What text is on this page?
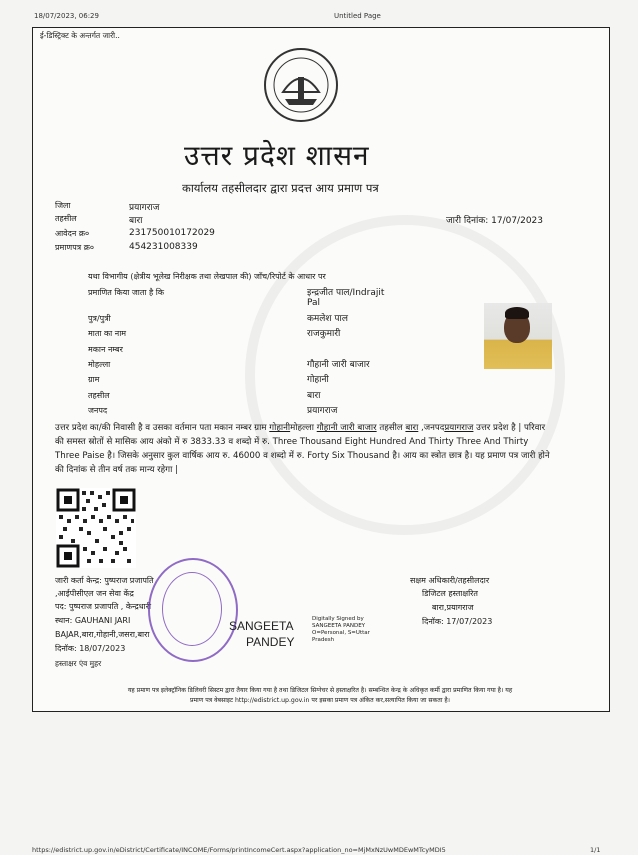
18/07/2023, 06:29	Untitled Page
ई-डिस्ट्रिक्ट के अन्तर्गत जारी..
उत्तर प्रदेश शासन
कार्यालय तहसीलदार द्वारा प्रदत्त आय प्रमाण पत्र
जिला	प्रयागराज
तहसील	बारा
आवेदन क्र०	231750010172029
प्रमाणपत्र क्र०	454231008339
जारी दिनांक: 17/07/2023
यथा विभागीय (क्षेत्रीय भूलेख निरीक्षक तथा लेखपाल की) जाँच/रिपोर्ट के आधार पर
प्रमाणित किया जाता है कि	इन्द्रजीत पाल/Indrajit
Pal
पुत्र/पुत्री	कमलेश पाल
माता का नाम	राजकुमारी
मकान नम्बर
मोहल्ला	गौहानी जारी बाजार
ग्राम	गोहानी
तहसील	बारा
जनपद	प्रयागराज
उत्तर प्रदेश का/की निवासी है व उसका वर्तमान पता मकान नम्बर ग्राम गोहानीमोहल्ला गौहानी जारी बाजार तहसील बारा ,जनपदप्रयागराज उत्तर प्रदेश है | परिवार की समस्त स्रोतों से मासिक आय अंको में रु 3833.33 व शब्दो में रु. Three Thousand Eight Hundred And Thirty Three And Thirty Three Paise है। जिसके अनुसार कुल वार्षिक आय रु. 46000 व शब्दो में रु. Forty Six Thousand है। आय का स्त्रोत छात्र है। यह प्रमाण पत्र जारी होने की दिनांक से तीन वर्ष तक मान्य रहेगा |
जारी कर्ता केन्द्र: पुष्पराज प्रजापति
,आईपीसीएल जन सेवा केंद्र
पद: पुष्पराज प्रजापति , केन्द्रधारी
स्थान: GAUHANI JARI
BAJAR,बारा,गोहानी,जसरा,बारा
दिनॉक: 18/07/2023
हस्ताक्षर एंव मुहर
SANGEETA
PANDEY
Digitally Signed by
SANGEETA PANDEY
O=Personal, S=Uttar
Pradesh
सक्षम अधिकारी/तहसीलदार
डिजिटल हस्ताक्षरित
बारा,प्रयागराज
दिनॉक: 17/07/2023
यह प्रमाण पत्र इलेक्ट्रॉनिक डिलिवरी सिस्टम द्वारा तैयार किया गया है तथा डिजिटल सिग्नेचर से हस्ताक्षरित है। सम्बन्धित केन्द्र के अधिकृत कर्मी द्वारा प्रमाणित किया गया है। यह
प्रमाण पत्र वेबसाइट http://edistrict.up.gov.in पर इसका प्रमाण पत्र अंकित कर,सत्यापित किया जा सकता है।
https://edistrict.up.gov.in/eDistrict/Certificate/INCOME/Forms/printIncomeCert.aspx?application_no=MjMxNzUwMDEwMTcyMDI5	1/1
